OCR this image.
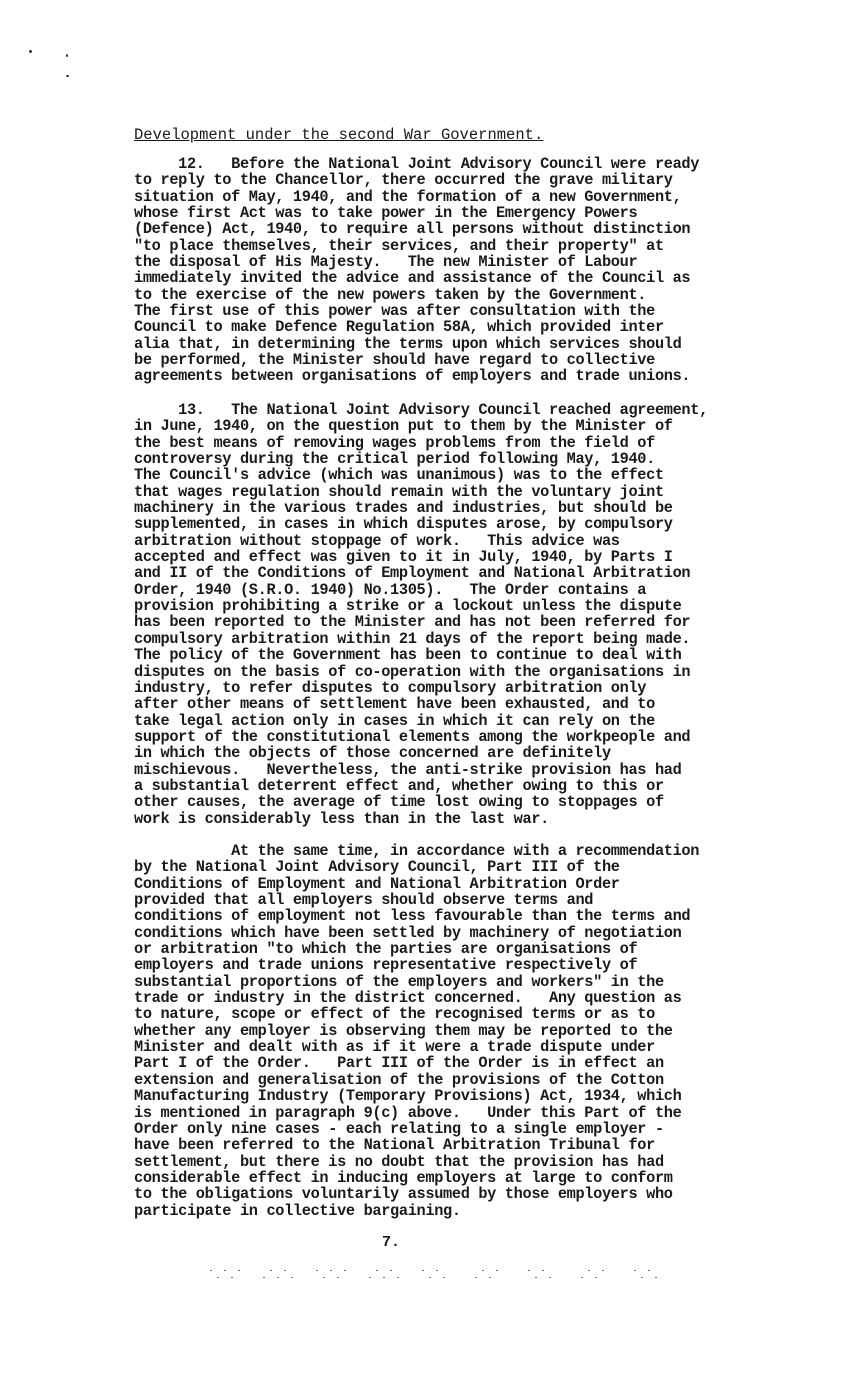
Development under the second War Government.
12.   Before the National Joint Advisory Council were ready
to reply to the Chancellor, there occurred the grave military
situation of May, 1940, and the formation of a new Government,
whose first Act was to take power in the Emergency Powers
(Defence) Act, 1940, to require all persons without distinction
"to place themselves, their services, and their property" at
the disposal of His Majesty.   The new Minister of Labour
immediately invited the advice and assistance of the Council as
to the exercise of the new powers taken by the Government.
The first use of this power was after consultation with the
Council to make Defence Regulation 58A, which provided inter
alia that, in determining the terms upon which services should
be performed, the Minister should have regard to collective
agreements between organisations of employers and trade unions.
13.   The National Joint Advisory Council reached agreement,
in June, 1940, on the question put to them by the Minister of
the best means of removing wages problems from the field of
controversy during the critical period following May, 1940.
The Council's advice (which was unanimous) was to the effect
that wages regulation should remain with the voluntary joint
machinery in the various trades and industries, but should be
supplemented, in cases in which disputes arose, by compulsory
arbitration without stoppage of work.   This advice was
accepted and effect was given to it in July, 1940, by Parts I
and II of the Conditions of Employment and National Arbitration
Order, 1940 (S.R.O. 1940) No.1305).   The Order contains a
provision prohibiting a strike or a lockout unless the dispute
has been reported to the Minister and has not been referred for
compulsory arbitration within 21 days of the report being made.
The policy of the Government has been to continue to deal with
disputes on the basis of co-operation with the organisations in
industry, to refer disputes to compulsory arbitration only
after other means of settlement have been exhausted, and to
take legal action only in cases in which it can rely on the
support of the constitutional elements among the workpeople and
in which the objects of those concerned are definitely
mischievous.   Nevertheless, the anti-strike provision has had
a substantial deterrent effect and, whether owing to this or
other causes, the average of time lost owing to stoppages of
work is considerably less than in the last war.
At the same time, in accordance with a recommendation
by the National Joint Advisory Council, Part III of the
Conditions of Employment and National Arbitration Order
provided that all employers should observe terms and
conditions of employment not less favourable than the terms and
conditions which have been settled by machinery of negotiation
or arbitration "to which the parties are organisations of
employers and trade unions representative respectively of
substantial proportions of the employers and workers" in the
trade or industry in the district concerned.   Any question as
to nature, scope or effect of the recognised terms or as to
whether any employer is observing them may be reported to the
Minister and dealt with as if it were a trade dispute under
Part I of the Order.   Part III of the Order is in effect an
extension and generalisation of the provisions of the Cotton
Manufacturing Industry (Temporary Provisions) Act, 1934, which
is mentioned in paragraph 9(c) above.   Under this Part of the
Order only nine cases - each relating to a single employer -
have been referred to the National Arbitration Tribunal for
settlement, but there is no doubt that the provision has had
considerable effect in inducing employers at large to conform
to the obligations voluntarily assumed by those employers who
participate in collective bargaining.
7.
